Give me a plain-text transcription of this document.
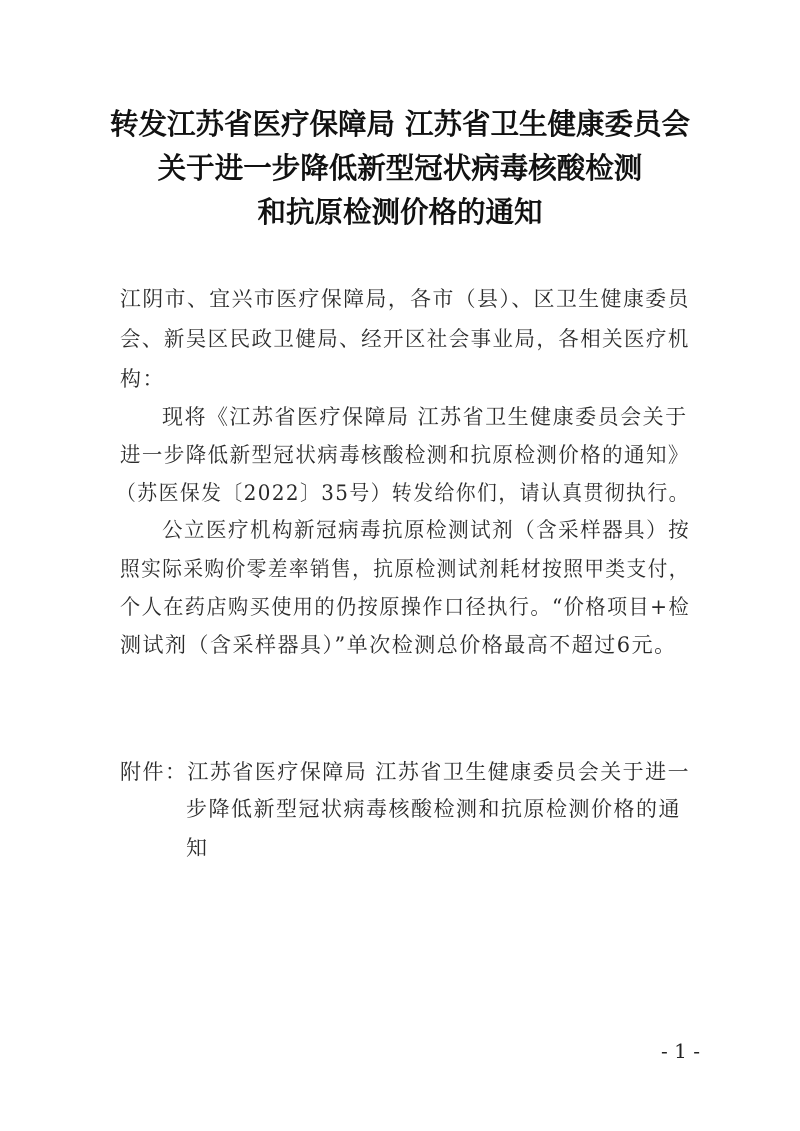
转发江苏省医疗保障局 江苏省卫生健康委员会
关于进一步降低新型冠状病毒核酸检测
和抗原检测价格的通知
江阴市、宜兴市医疗保障局，各市（县）、区卫生健康委员
会、新吴区民政卫健局、经开区社会事业局，各相关医疗机
构：
现将《江苏省医疗保障局 江苏省卫生健康委员会关于
进一步降低新型冠状病毒核酸检测和抗原检测价格的通知》
（苏医保发〔2022〕35号）转发给你们，请认真贯彻执行。
公立医疗机构新冠病毒抗原检测试剂（含采样器具）按
照实际采购价零差率销售，抗原检测试剂耗材按照甲类支付，
个人在药店购买使用的仍按原操作口径执行。“价格项目+检
测试剂（含采样器具）”单次检测总价格最高不超过6元。
附件：江苏省医疗保障局 江苏省卫生健康委员会关于进一
步降低新型冠状病毒核酸检测和抗原检测价格的通
知
- 1 -
